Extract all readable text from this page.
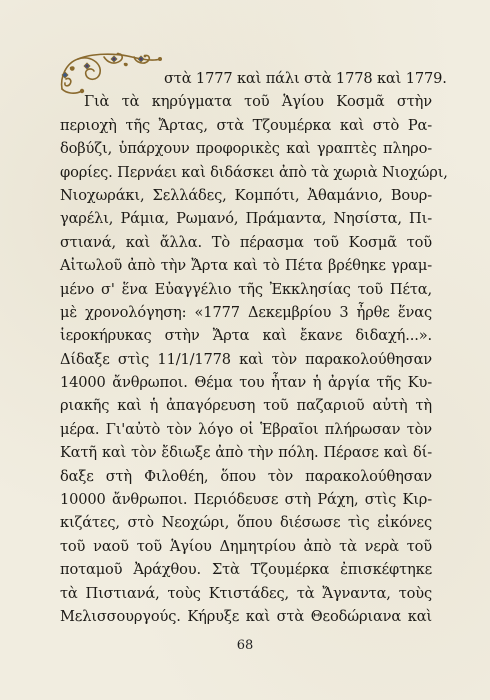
στὰ 1777 καὶ πάλι στὰ 1778 καὶ 1779.
Γιὰ τὰ κηρύγματα τοῦ Ἁγίου Κοσμᾶ στὴν
περιοχὴ τῆς Ἄρτας, στὰ Τζουμέρκα καὶ στὸ Ρα-
δοβύζι, ὑπάρχουν προφορικὲς καὶ γραπτὲς πληρο-
φορίες. Περνάει καὶ διδάσκει ἀπὸ τὰ χωριὰ Νιοχώρι,
Νιοχωράκι, Σελλάδες, Κομπότι, Ἀθαμάνιο, Βουρ-
γαρέλι, Ράμια, Ρωμανό, Πράμαντα, Νησίστα, Πι-
στιανά, καὶ ἄλλα. Τὸ πέρασμα τοῦ Κοσμᾶ τοῦ
Αἰτωλοῦ ἀπὸ τὴν Ἄρτα καὶ τὸ Πέτα βρέθηκε γραμ-
μένο σ' ἕνα Εὐαγγέλιο τῆς Ἐκκλησίας τοῦ Πέτα,
μὲ χρονολόγηση: «1777 Δεκεμβρίου 3 ἦρθε ἕνας
ἱεροκήρυκας στὴν Ἄρτα καὶ ἔκανε διδαχή...».
Δίδαξε στὶς 11/1/1778 καὶ τὸν παρακολούθησαν
14000 ἄνθρωποι. Θέμα του ἦταν ἡ ἀργία τῆς Κυ-
ριακῆς καὶ ἡ ἀπαγόρευση τοῦ παζαριοῦ αὐτὴ τὴ
μέρα. Γι'αὐτὸ τὸν λόγο οἱ Ἑβραῖοι πλήρωσαν τὸν
Κατῆ καὶ τὸν ἔδιωξε ἀπὸ τὴν πόλη. Πέρασε καὶ δί-
δαξε στὴ Φιλοθέη, ὅπου τὸν παρακολούθησαν
10000 ἄνθρωποι. Περιόδευσε στὴ Ράχη, στὶς Κιρ-
κιζάτες, στὸ Νεοχώρι, ὅπου διέσωσε τὶς εἰκόνες
τοῦ ναοῦ τοῦ Ἁγίου Δημητρίου ἀπὸ τὰ νερὰ τοῦ
ποταμοῦ Ἀράχθου. Στὰ Τζουμέρκα ἐπισκέφτηκε
τὰ Πιστιανά, τοὺς Κτιστάδες, τὰ Ἄγναντα, τοὺς
Μελισσουργούς. Κήρυξε καὶ στὰ Θεοδώριανα καὶ
68
